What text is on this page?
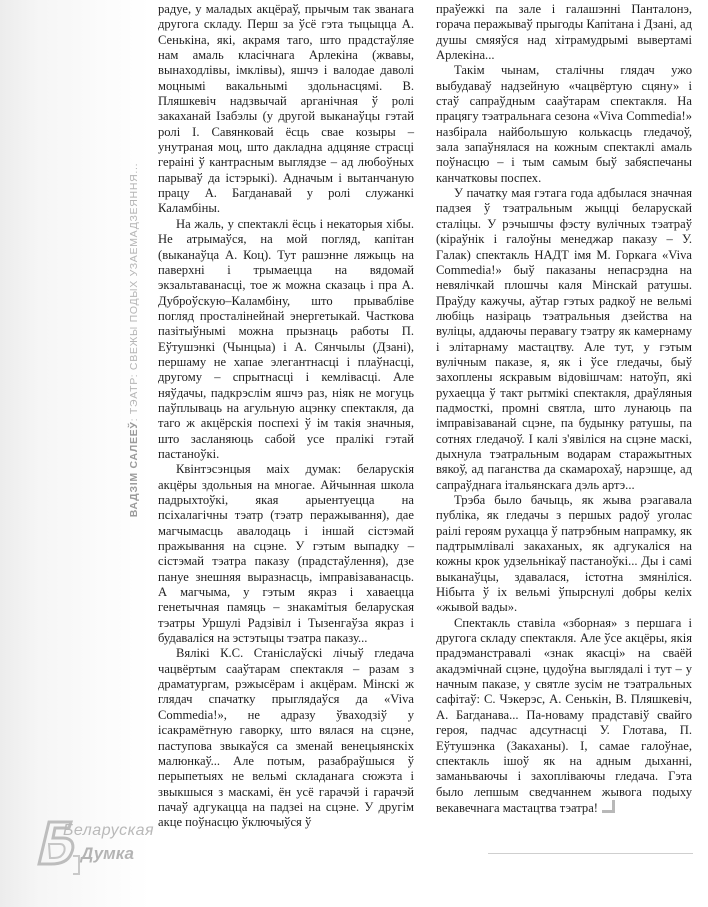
ВАДЗІМ САЛЕЕЎ: ТЭАТР: СВЕЖЫ ПОДЫХ УЗАЕМАДЗЕЯННЯ...

радуе, у маладых акцёраў, прычым так званага другога складу. Перш за ўсё гэта тыцыцца А. Сенькіна, які, акрамя таго, што прадстаўляе нам амаль класічнага Арлекіна (жвавы, вынаходлівы, імклівы), яшчэ і валодае даволі моцнымі вакальнымі здольнасцямі. В. Пляшкевіч надзвычай арганічная ў ролі закаханай Ізабэлы (у другой выканаўцы гэтай ролі І. Савянковай ёсць свае козыры – унутраная моц, што дакладна адцяняе страсці гераіні ў кантрасным выглядзе – ад любоўных парываў да істэрыкі). Адначым і вытанчаную працу А. Багданавай у ролі служанкі Каламбіны.

На жаль, у спектаклі ёсць і некаторыя хібы. Не атрымаўся, на мой погляд, капітан (выканаўца А. Коц). Тут рашэнне ляжыць на паверхні і трымаецца на вядомай экзальтаванасці, тое ж можна сказаць і пра А. Дуброўскую–Каламбіну, што прывабліве погляд просталінейнай энергетыкай. Часткова пазітыўнымі можна прызнаць работы П. Еўтушэнкі (Чынцыа) і А. Сянчылы (Дзані), першаму не хапае элегантнасці і плаўнасці, другому – спрытнасці і кемлівасці. Але няўдачы, падкрэслім яшчэ раз, ніяк не могуць паўплываць на агульную ацэнку спектакля, да таго ж акцёрскія поспехі ў ім такія значныя, што засланяюць сабой усе пралікі гэтай пастаноўкі.

Квінтэсэнцыя маіх думак: беларускія акцёры здольныя на многае. Айчынная школа падрыхтоўкі, якая арыентуецца на псіхалагічны тэатр (тэатр перажывання), дае магчымасць авалодаць і іншай сістэмай пражывання на сцэне. У гэтым выпадку – сістэмай тэатра паказу (прадстаўлення), дзе пануе знешняя выразнасць, імправізаванасць. А магчыма, у гэтым якраз і хаваецца генетычная памяць – знакамітыя беларуская тэатры Уршулі Радзівіл і Тызенгаўза якраз і будаваліся на эстэтыцы тэатра паказу...

Вялікі К.С. Станіслаўскі лічыў гледача чацвёртым сааўтарам спектакля – разам з драматургам, рэжысёрам і акцёрам. Мінскі ж глядач спачатку прыглядаўся да «Viva Commedia!», не адразу ўваходзіў у ісакрамётную гаворку, што вялася на сцэне, паступова звыкаўся са зменай венецыянскіх малюнкаў... Але потым, разабраўшыся ў перыпетыях не вельмі складанага сюжэта і звыкшыся з маскамі, ён усё гарачэй і гарачэй пачаў адгукацца на падзеі на сцэне. У другім акце поўнасцю ўключыўся ў

праўежкі па зале і галашэнні Панталонэ, горача перажываў прыгоды Капітана і Дзані, ад душы смяяўся над хітрамудрымі вывертамі Арлекіна...

Такім чынам, сталічны глядач ужо выбудаваў надзейную «чацвёртую сцяну» і стаў сапраўдным сааўтарам спектакля. На працягу тэатральнага сезона «Viva Commedia!» назбірала найбольшую колькасць гледачоў, зала запаўнялася на кожным спектаклі амаль поўнасцю – і тым самым быў забяспечаны канчатковы поспех.

У пачатку мая гэтага года адбылася значная падзея ў тэатральным жыцці беларускай сталіцы. У рэчышчы фэсту вулічных тэатраў (кіраўнік і галоўны менеджар паказу – У. Галак) спектакль НАДТ імя М. Горкага «Viva Commedia!» быў паказаны непасрэдна на невялічкай плошчы каля Мінскай ратушы. Праўду кажучы, аўтар гэтых радкоў не вельмі любіць назіраць тэатральныя дзейства на вуліцы, аддаючы перавагу тэатру як камернаму і элітарнаму мастацтву. Але тут, у гэтым вулічным паказе, я, як і ўсе гледачы, быў захоплены яскравым відовішчам: натоўп, які рухаецца ў такт рытмікі спектакля, драўляныя падмосткі, промні святла, што лунаюць па імправізаванай сцэне, па будынку ратушы, па сотнях гледачоў. І калі з'явіліся на сцэне маскі, дыхнула тэатральным водарам старажытных вякоў, ад паганства да скамарохаў, нарэшце, ад сапраўднага італьянскага дэль артэ...

Трэба было бачыць, як жыва рэагавала публіка, як гледачы з першых радоў уголас раілі героям рухацца ў патрэбным напрамку, як падтрымлівалі закаханых, як адгукаліся на кожны крок удзельнікаў пастаноўкі... Ды і самі выканаўцы, здавалася, істотна змяніліся. Нібыта ў іх вельмі ўпырснулі добры келіх «жывой вады».

Спектакль ставіла «зборная» з першага і другога складу спектакля. Але ўсе акцёры, якія прадэманстравалі «знак якасці» на сваёй акадэмічнай сцэне, цудоўна выглядалі і тут – у начным паказе, у святле зусім не тэатральных сафітаў: С. Чэкерэс, А. Сенькін, В. Пляшкевіч, А. Багданава... Па-новаму прадставіў свайго героя, падчас адсутнасці У. Глотава, П. Еўтушэнка (Закаханы). І, самае галоўнае, спектакль ішоў як на адным дыханні, заманьваючы і захопліваючы гледача. Гэта было лепшым сведчаннем жывога подыху векавечнага мастацтва тэатра!

Беларуская
Думка
